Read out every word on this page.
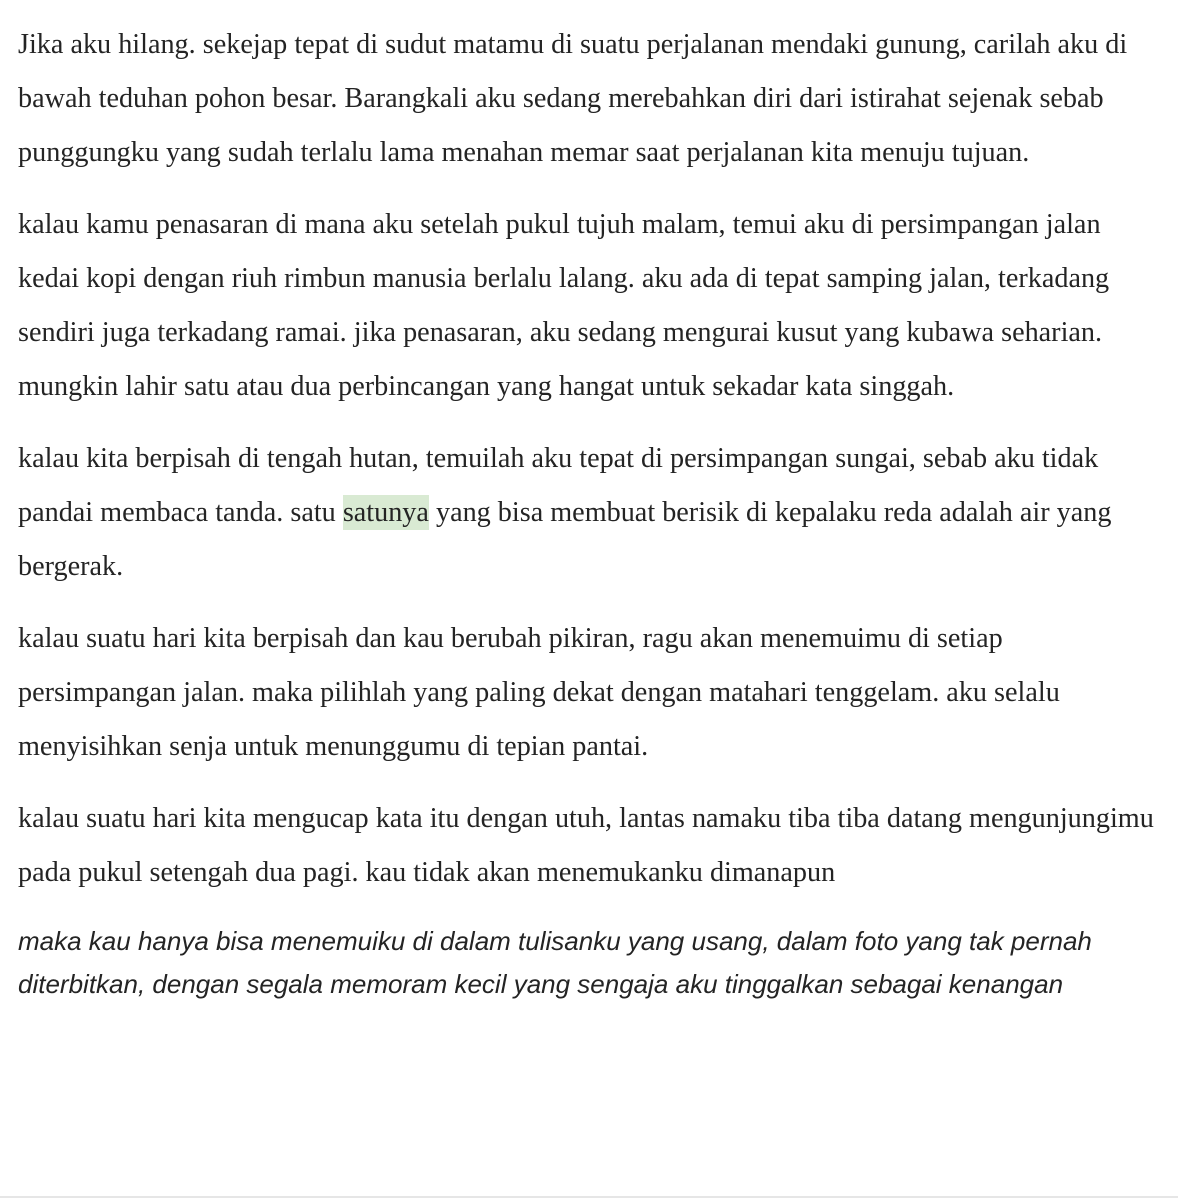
Jika aku hilang. sekejap tepat di sudut matamu di suatu perjalanan mendaki gunung, carilah aku di bawah teduhan pohon besar. Barangkali aku sedang merebahkan diri dari istirahat sejenak sebab punggungku yang sudah terlalu lama menahan memar saat perjalanan kita menuju tujuan.

kalau kamu penasaran di mana aku setelah pukul tujuh malam, temui aku di persimpangan jalan kedai kopi dengan riuh rimbun manusia berlalu lalang. aku ada di tepat samping jalan, terkadang sendiri juga terkadang ramai. jika penasaran, aku sedang mengurai kusut yang kubawa seharian. mungkin lahir satu atau dua perbincangan yang hangat untuk sekadar kata singgah.

kalau kita berpisah di tengah hutan, temuilah aku tepat di persimpangan sungai, sebab aku tidak pandai membaca tanda. satu satunya yang bisa membuat berisik di kepalaku reda adalah air yang bergerak.

kalau suatu hari kita berpisah dan kau berubah pikiran, ragu akan menemuimu di setiap persimpangan jalan. maka pilihlah yang paling dekat dengan matahari tenggelam. aku selalu menyisihkan senja untuk menunggumu di tepian pantai.

kalau suatu hari kita mengucap kata itu dengan utuh, lantas namaku tiba tiba datang mengunjungimu pada pukul setengah dua pagi. kau tidak akan menemukanku dimanapun

maka kau hanya bisa menemuiku di dalam tulisanku yang usang, dalam foto yang tak pernah diterbitkan, dengan segala memoram kecil yang sengaja aku tinggalkan sebagai kenangan
